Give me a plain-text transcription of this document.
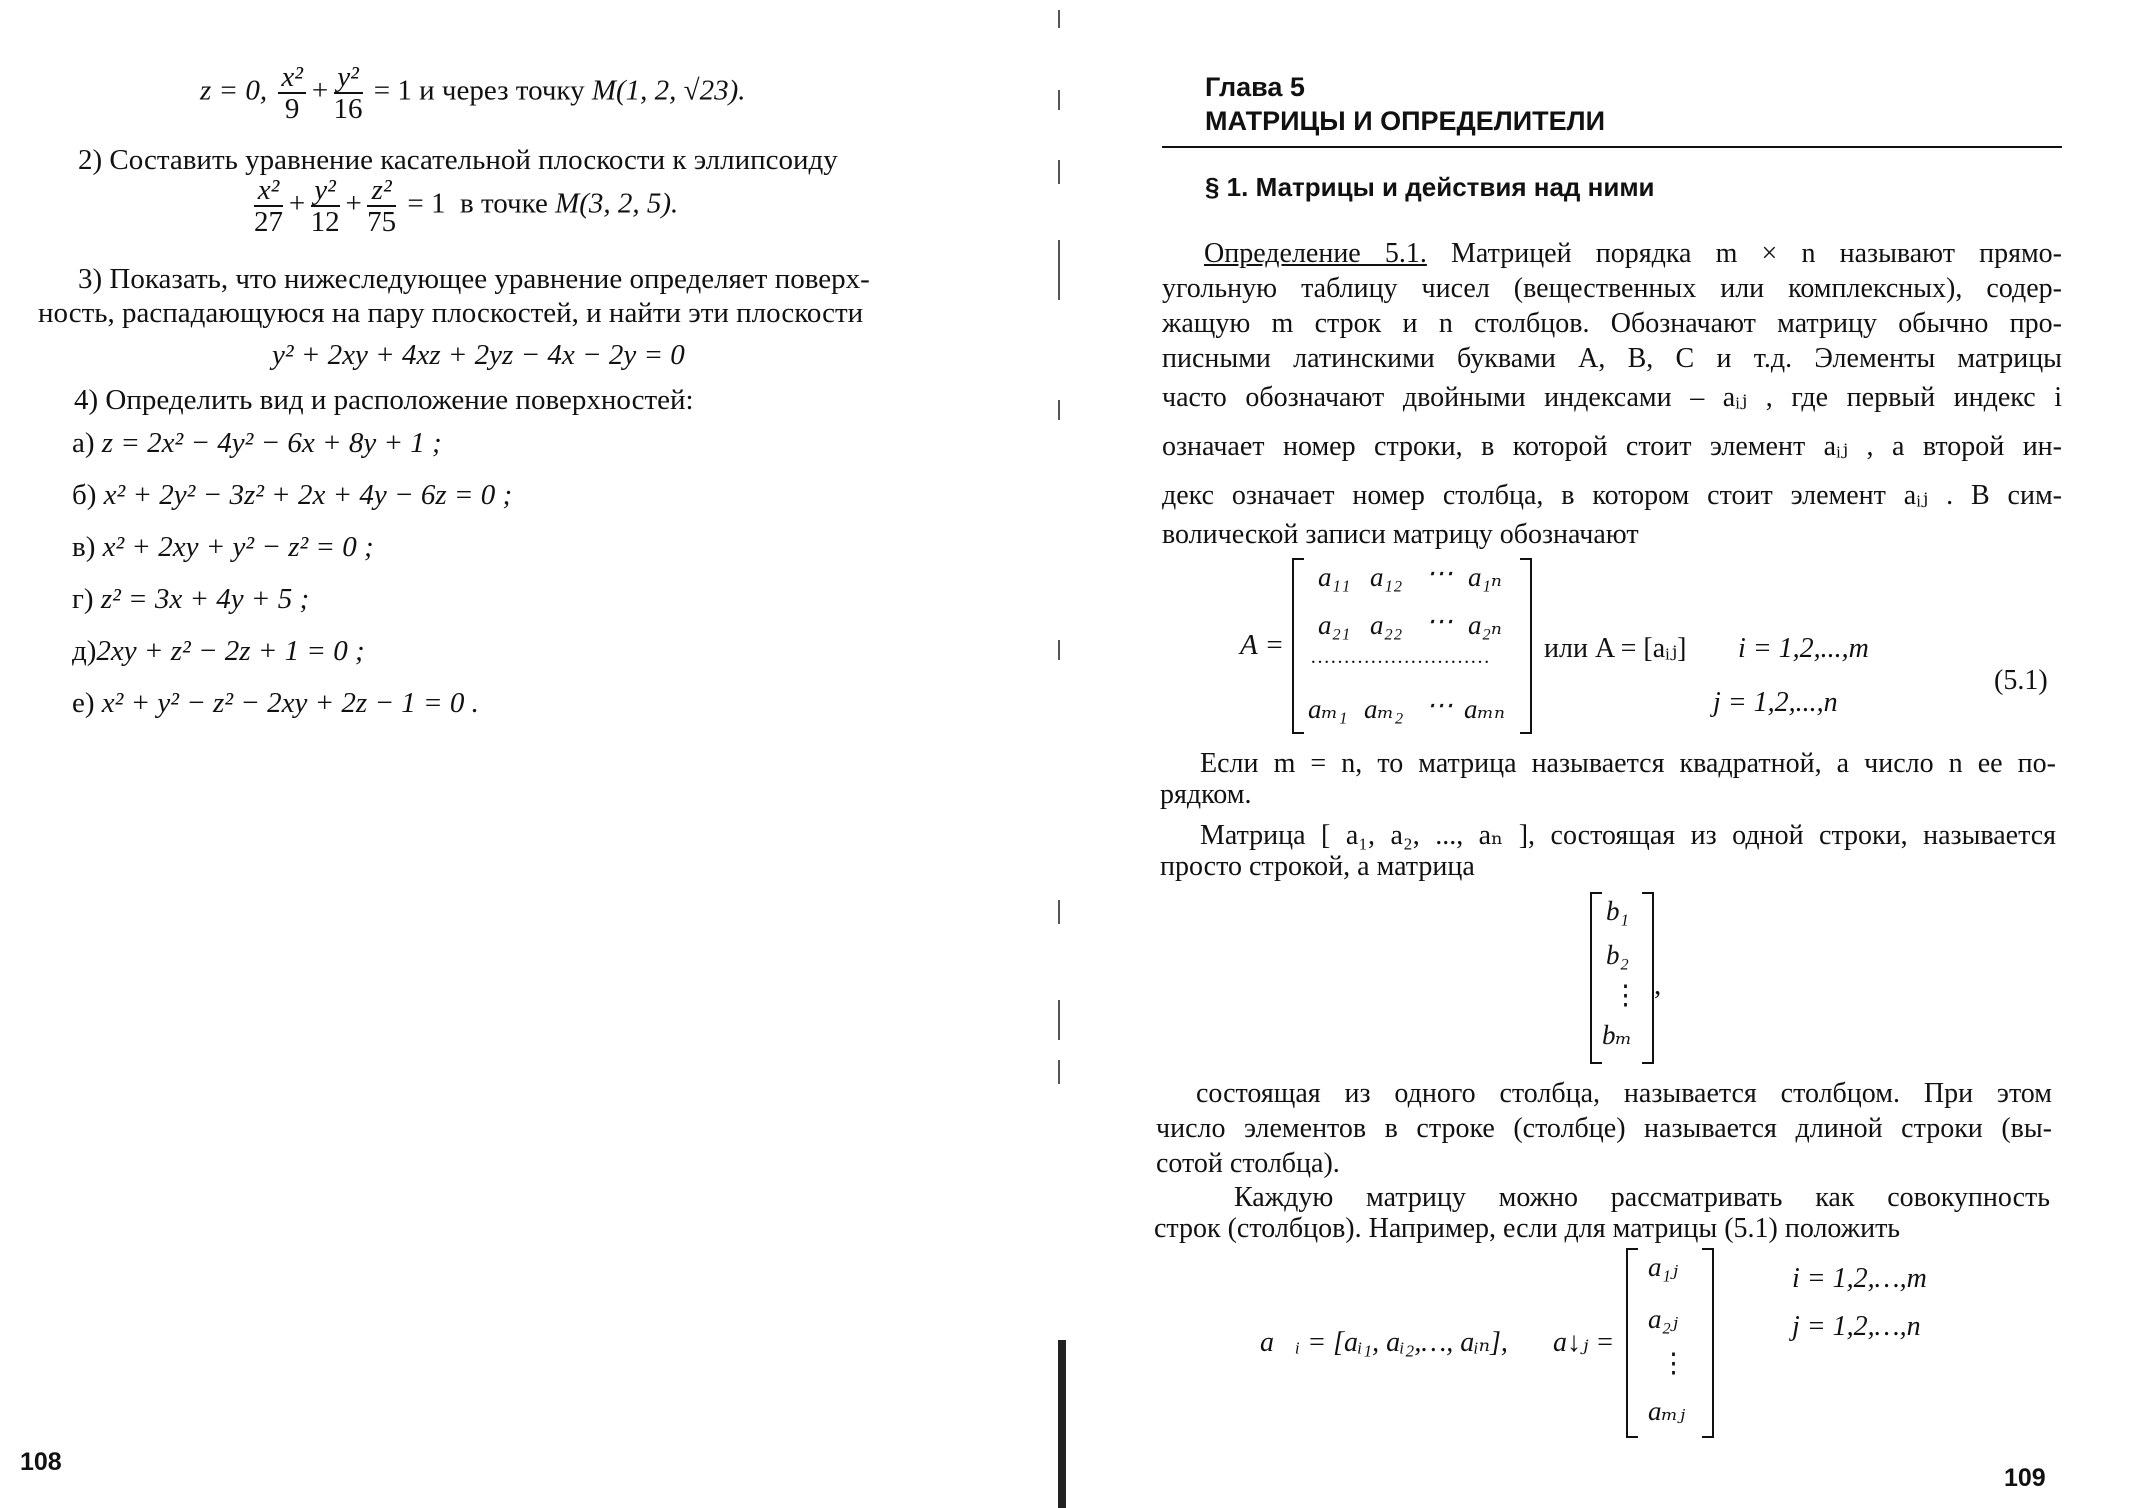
z = 0, $\frac{\text{x²}}{9} + \frac{\text{y²}}{16} = 1$ и через точку M(1, 2, √23).
2) Составить уравнение касательной плоскости к эллипсоиду
$\frac{\text{x²}}{27} + \frac{\text{y²}}{12} + \frac{\text{z²}}{75} = 1$ в точке M(3, 2, 5).
3) Показать, что нижеследующее уравнение определяет поверх-
ность, распадающуюся на пару плоскостей, и найти эти плоскости
y² + 2xy + 4xz + 2yz − 4x − 2y = 0
4) Определить вид и расположение поверхностей:
а) z = 2x² − 4y² − 6x + 8y + 1 ;
б) x² + 2y² − 3z² + 2x + 4y − 6z = 0 ;
в) x² + 2xy + y² − z² = 0 ;
г) z² = 3x + 4y + 5 ;
д)2xy + z² − 2z + 1 = 0 ;
е) x² + y² − z² − 2xy + 2z − 1 = 0 .
108
Глава 5
МАТРИЦЫ И ОПРЕДЕЛИТЕЛИ
§ 1. Матрицы и действия над ними
Определение 5.1. Матрицей порядка m × n называют прямо-
угольную таблицу чисел (вещественных или комплексных), содер-
жащую m строк и n столбцов. Обозначают матрицу обычно про-
писными латинскими буквами A, B, C и т.д. Элементы матрицы
часто обозначают двойными индексами – aᵢⱼ , где первый индекс i
означает номер строки, в которой стоит элемент aᵢⱼ , а второй ин-
декс означает номер столбца, в котором стоит элемент aᵢⱼ . В сим-
волической записи матрицу обозначают
A =
a₁₁ a₁₂ ⋯ a₁ₙ
a₂₁ a₂₂ ⋯ a₂ₙ
………………………
aₘ₁ aₘ₂ ⋯ aₘₙ
или A = [aᵢⱼ] i = 1,2,...,m
j = 1,2,...,n
(5.1)
Если m = n, то матрица называется квадратной, а число n ее по-
рядком.
Матрица [ a₁, a₂, ..., aₙ ], состоящая из одной строки, называется
просто строкой, а матрица
b₁
b₂
⋮
bₘ
,
состоящая из одного столбца, называется столбцом. При этом
число элементов в строке (столбце) называется длиной строки (вы-
сотой столбца).
Каждую матрицу можно рассматривать как совокупность
строк (столбцов). Например, если для матрицы (5.1) положить
a⃗ᵢ = [aᵢ₁, aᵢ₂,…, aᵢₙ], a↓ⱼ =
a₁ⱼ
a₂ⱼ
⋮
aₘⱼ
i = 1,2,…,m
j = 1,2,…,n
109
